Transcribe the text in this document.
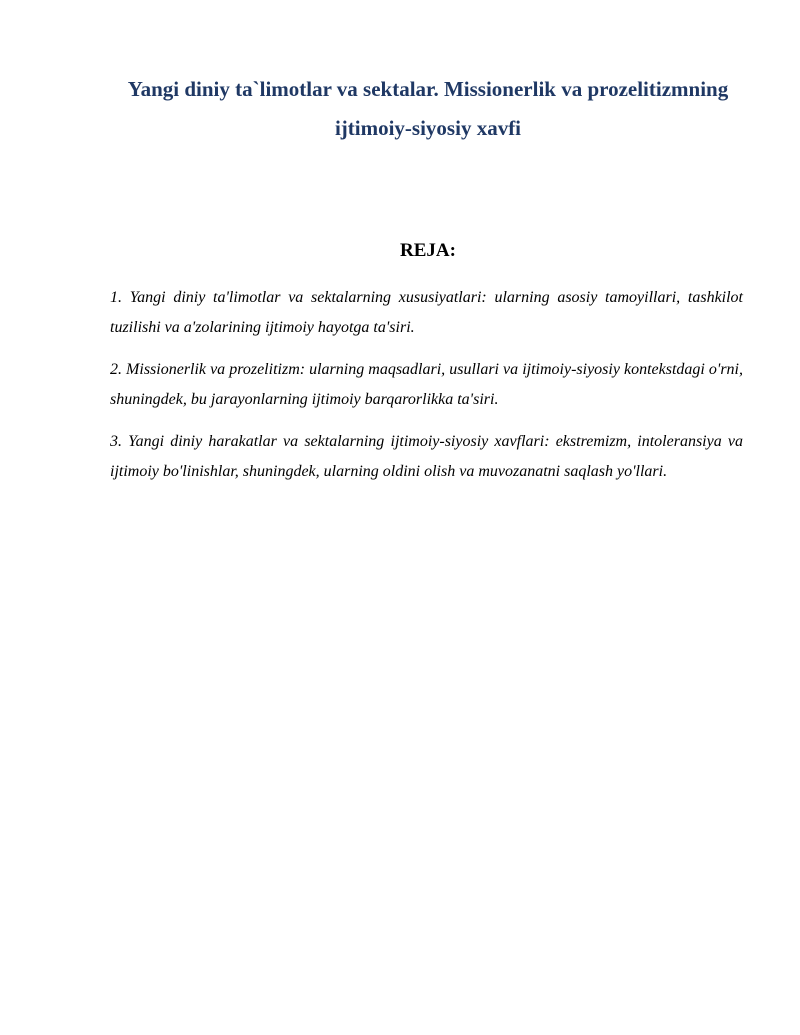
Yangi diniy ta`limotlar va sektalar. Missionerlik va prozelitizmning ijtimoiy-siyosiy xavfi
REJA:

1. Yangi diniy ta'limotlar va sektalarning xususiyatlari: ularning asosiy tamoyillari, tashkilot tuzilishi va a'zolarining ijtimoiy hayotga ta'siri.

2. Missionerlik va prozelitizm: ularning maqsadlari, usullari va ijtimoiy-siyosiy kontekstdagi o'rni, shuningdek, bu jarayonlarning ijtimoiy barqarorlikka ta'siri.

3. Yangi diniy harakatlar va sektalarning ijtimoiy-siyosiy xavflari: ekstremizm, intoleransiya va ijtimoiy bo'linishlar, shuningdek, ularning oldini olish va muvozanatni saqlash yo'llari.
